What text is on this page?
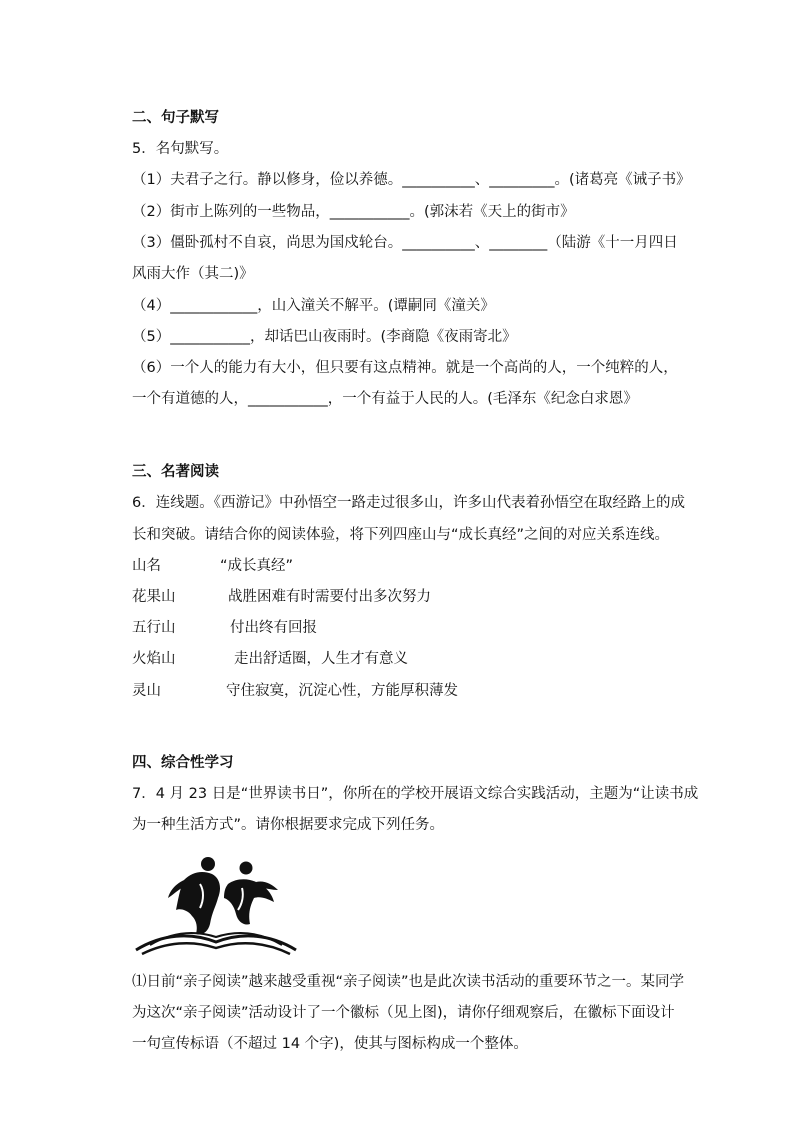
二、句子默写
5．名句默写。
（1）夫君子之行。静以修身，俭以养德。__________、_________。(诸葛亮《诫子书》
（2）街市上陈列的一些物品，___________。(郭沫若《天上的街市》
（3）僵卧孤村不自哀，尚思为国戍轮台。__________、________（陆游《十一月四日
风雨大作（其二)》
（4）____________，山入潼关不解平。(谭嗣同《潼关》
（5）___________，却话巴山夜雨时。(李商隐《夜雨寄北》
（6）一个人的能力有大小，但只要有这点精神。就是一个高尚的人，一个纯粹的人，
一个有道德的人，___________，一个有益于人民的人。(毛泽东《纪念白求恩》
三、名著阅读
6．连线题。《西游记》中孙悟空一路走过很多山，许多山代表着孙悟空在取经路上的成
长和突破。请结合你的阅读体验，将下列四座山与“成长真经”之间的对应关系连线。
山名	“成长真经”
花果山	战胜困难有时需要付出多次努力
五行山	付出终有回报
火焰山	走出舒适圈，人生才有意义
灵山	守住寂寞，沉淀心性，方能厚积薄发
四、综合性学习
7．4 月 23 日是“世界读书日”，你所在的学校开展语文综合实践活动，主题为“让读书成
为一种生活方式”。请你根据要求完成下列任务。
⑴日前“亲子阅读”越来越受重视“亲子阅读”也是此次读书活动的重要环节之一。某同学
为这次“亲子阅读”活动设计了一个徽标（见上图)，请你仔细观察后，在徽标下面设计
一句宣传标语（不超过 14 个字)，使其与图标构成一个整体。
